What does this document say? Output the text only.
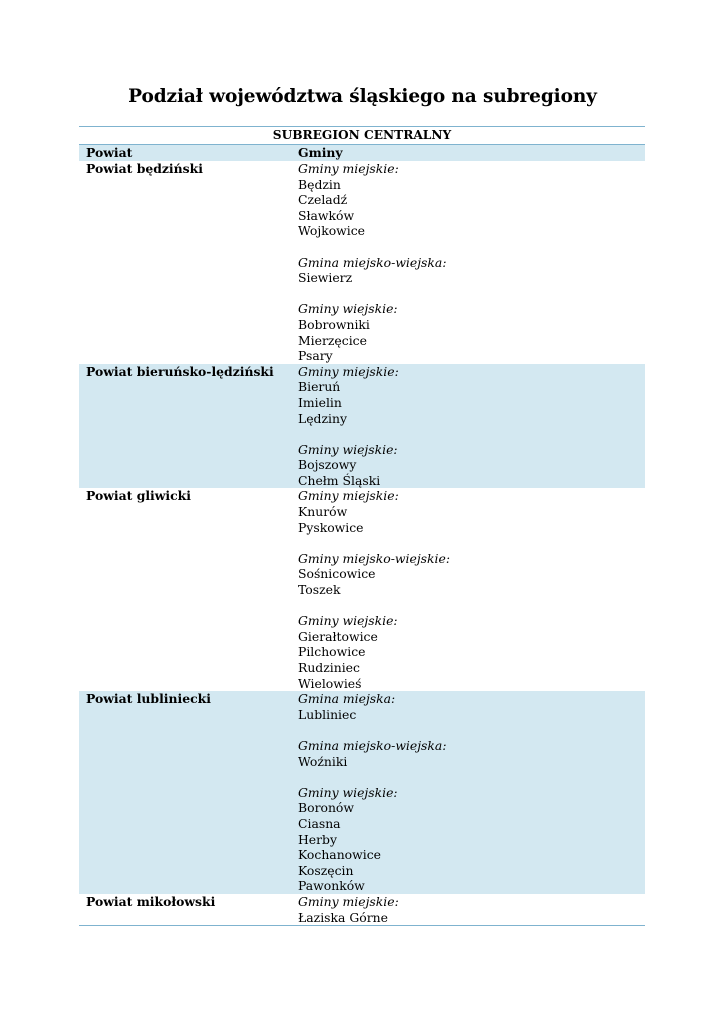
Podział województwa śląskiego na subregiony
SUBREGION CENTRALNY
Powiat	Gminy
Powiat będziński	Gminy miejskie:
Będzin
Czeladź
Sławków
Wojkowice
Gmina miejsko-wiejska:
Siewierz
Gminy wiejskie:
Bobrowniki
Mierzęcice
Psary
Powiat bieruńsko-lędziński	Gminy miejskie:
Bieruń
Imielin
Lędziny
Gminy wiejskie:
Bojszowy
Chełm Śląski
Powiat gliwicki	Gminy miejskie:
Knurów
Pyskowice
Gminy miejsko-wiejskie:
Sośnicowice
Toszek
Gminy wiejskie:
Gierałtowice
Pilchowice
Rudziniec
Wielowieś
Powiat lubliniecki	Gmina miejska:
Lubliniec
Gmina miejsko-wiejska:
Woźniki
Gminy wiejskie:
Boronów
Ciasna
Herby
Kochanowice
Koszęcin
Pawonków
Powiat mikołowski	Gminy miejskie:
Łaziska Górne
